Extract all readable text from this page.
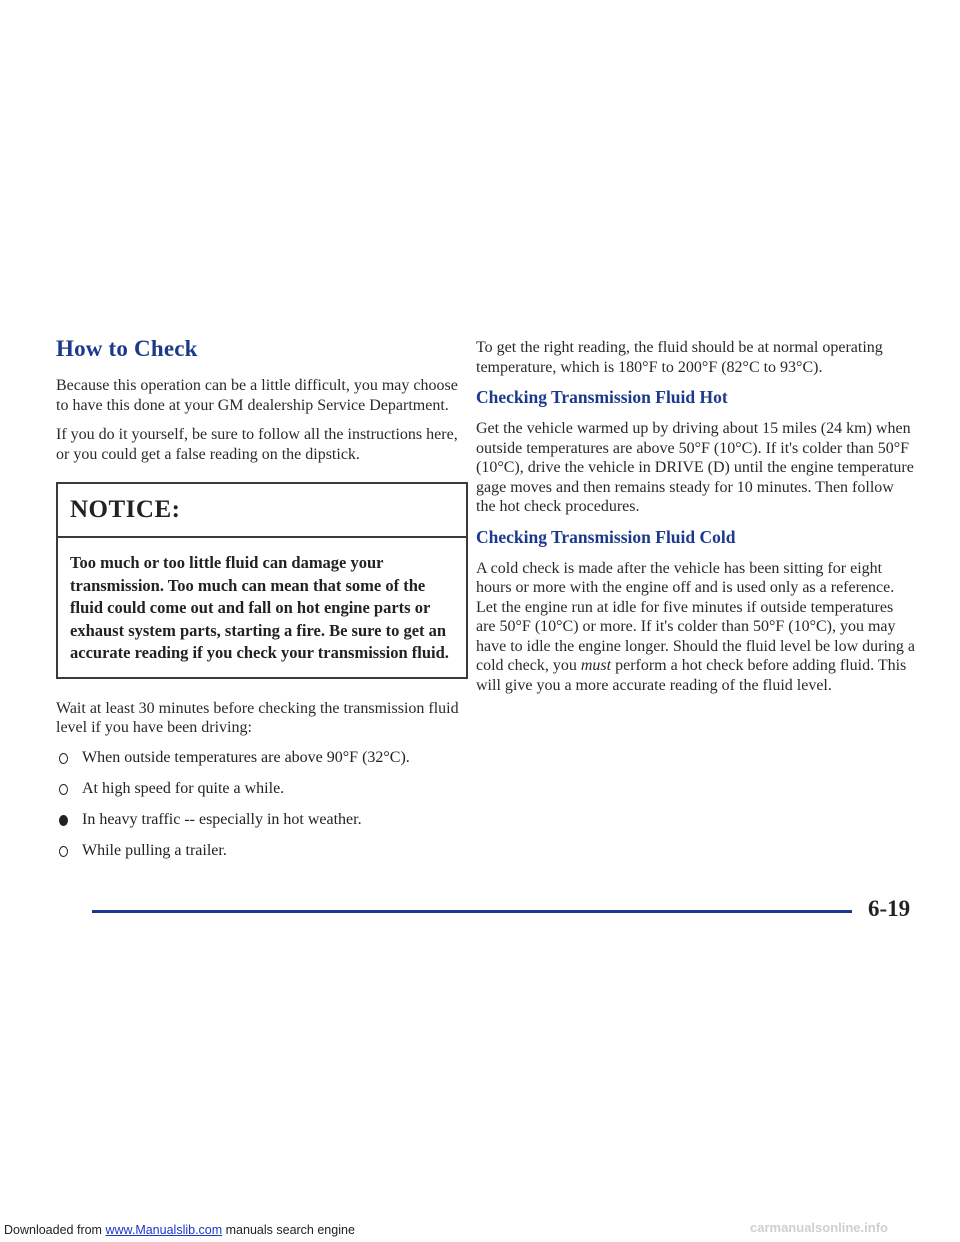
How to Check

Because this operation can be a little difficult, you may choose to have this done at your GM dealership Service Department.

If you do it yourself, be sure to follow all the instructions here, or you could get a false reading on the dipstick.

NOTICE:
Too much or too little fluid can damage your transmission. Too much can mean that some of the fluid could come out and fall on hot engine parts or exhaust system parts, starting a fire. Be sure to get an accurate reading if you check your transmission fluid.

Wait at least 30 minutes before checking the transmission fluid level if you have been driving:

When outside temperatures are above 90°F (32°C).
At high speed for quite a while.
In heavy traffic -- especially in hot weather.
While pulling a trailer.

To get the right reading, the fluid should be at normal operating temperature, which is 180°F to 200°F (82°C to 93°C).

Checking Transmission Fluid Hot

Get the vehicle warmed up by driving about 15 miles (24 km) when outside temperatures are above 50°F (10°C). If it's colder than 50°F (10°C), drive the vehicle in DRIVE (D) until the engine temperature gage moves and then remains steady for 10 minutes. Then follow the hot check procedures.

Checking Transmission Fluid Cold

A cold check is made after the vehicle has been sitting for eight hours or more with the engine off and is used only as a reference. Let the engine run at idle for five minutes if outside temperatures are 50°F (10°C) or more. If it's colder than 50°F (10°C), you may have to idle the engine longer. Should the fluid level be low during a cold check, you must perform a hot check before adding fluid. This will give you a more accurate reading of the fluid level.

6-19
Downloaded from www.Manualslib.com manuals search engine	carmanualsonline.info
